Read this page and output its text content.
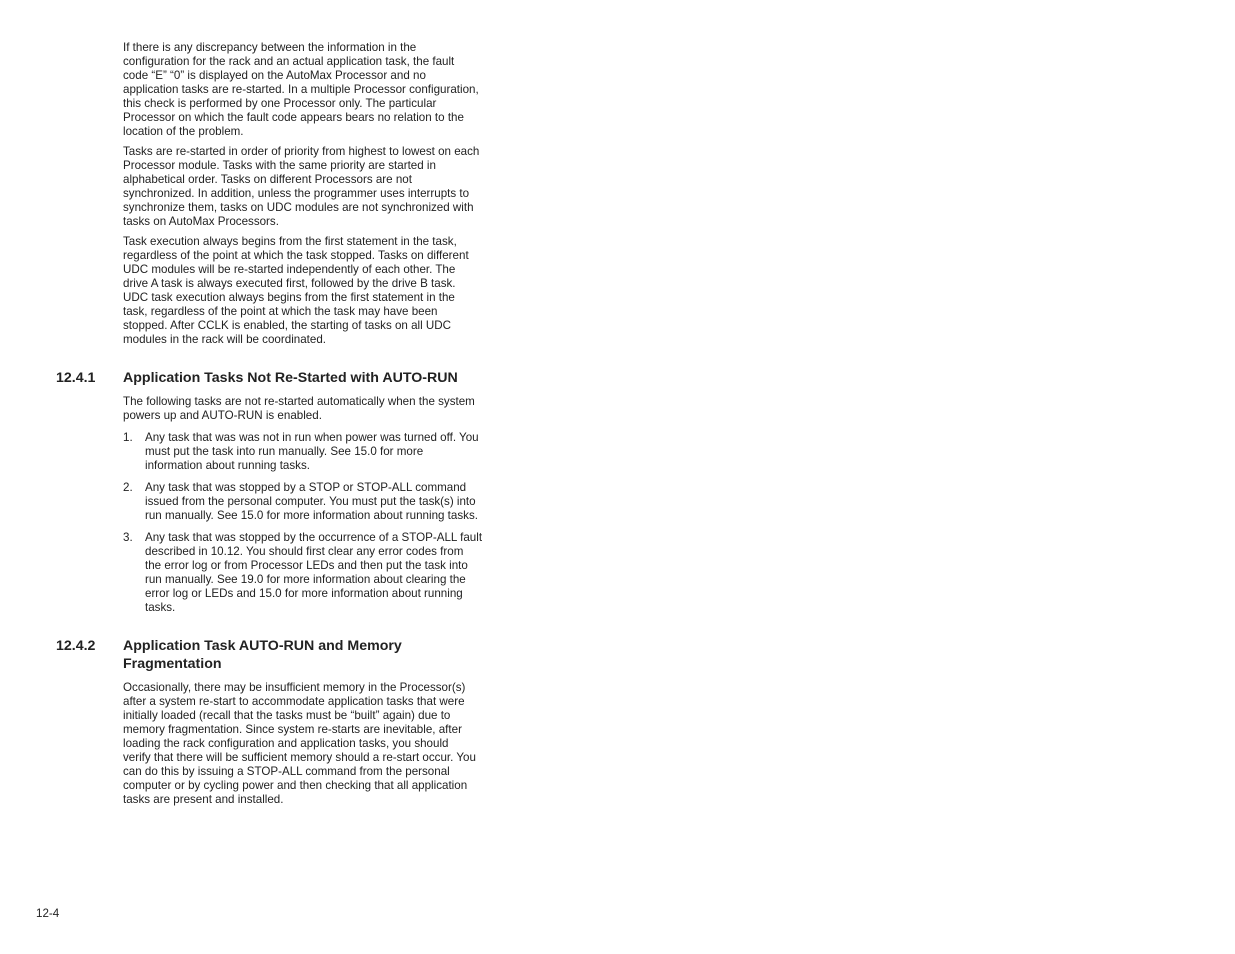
If there is any discrepancy between the information in the
configuration for the rack and an actual application task, the fault
code “E” “0” is displayed on the AutoMax Processor and no
application tasks are re-started. In a multiple Processor configuration,
this check is performed by one Processor only. The particular
Processor on which the fault code appears bears no relation to the
location of the problem.

Tasks are re-started in order of priority from highest to lowest on each
Processor module. Tasks with the same priority are started in
alphabetical order. Tasks on different Processors are not
synchronized. In addition, unless the programmer uses interrupts to
synchronize them, tasks on UDC modules are not synchronized with
tasks on AutoMax Processors.

Task execution always begins from the first statement in the task,
regardless of the point at which the task stopped. Tasks on different
UDC modules will be re-started independently of each other. The
drive A task is always executed first, followed by the drive B task.
UDC task execution always begins from the first statement in the
task, regardless of the point at which the task may have been
stopped. After CCLK is enabled, the starting of tasks on all UDC
modules in the rack will be coordinated.

12.4.1 Application Tasks Not Re-Started with AUTO-RUN

The following tasks are not re-started automatically when the system
powers up and AUTO-RUN is enabled.

1. Any task that was was not in run when power was turned off. You
must put the task into run manually. See 15.0 for more
information about running tasks.
2. Any task that was stopped by a STOP or STOP-ALL command
issued from the personal computer. You must put the task(s) into
run manually. See 15.0 for more information about running tasks.
3. Any task that was stopped by the occurrence of a STOP-ALL fault
described in 10.12. You should first clear any error codes from
the error log or from Processor LEDs and then put the task into
run manually. See 19.0 for more information about clearing the
error log or LEDs and 15.0 for more information about running
tasks.
12.4.2 Application Task AUTO-RUN and Memory
Fragmentation

Occasionally, there may be insufficient memory in the Processor(s)
after a system re-start to accommodate application tasks that were
initially loaded (recall that the tasks must be “built” again) due to
memory fragmentation. Since system re-starts are inevitable, after
loading the rack configuration and application tasks, you should
verify that there will be sufficient memory should a re-start occur. You
can do this by issuing a STOP-ALL command from the personal
computer or by cycling power and then checking that all application
tasks are present and installed.

12-4
